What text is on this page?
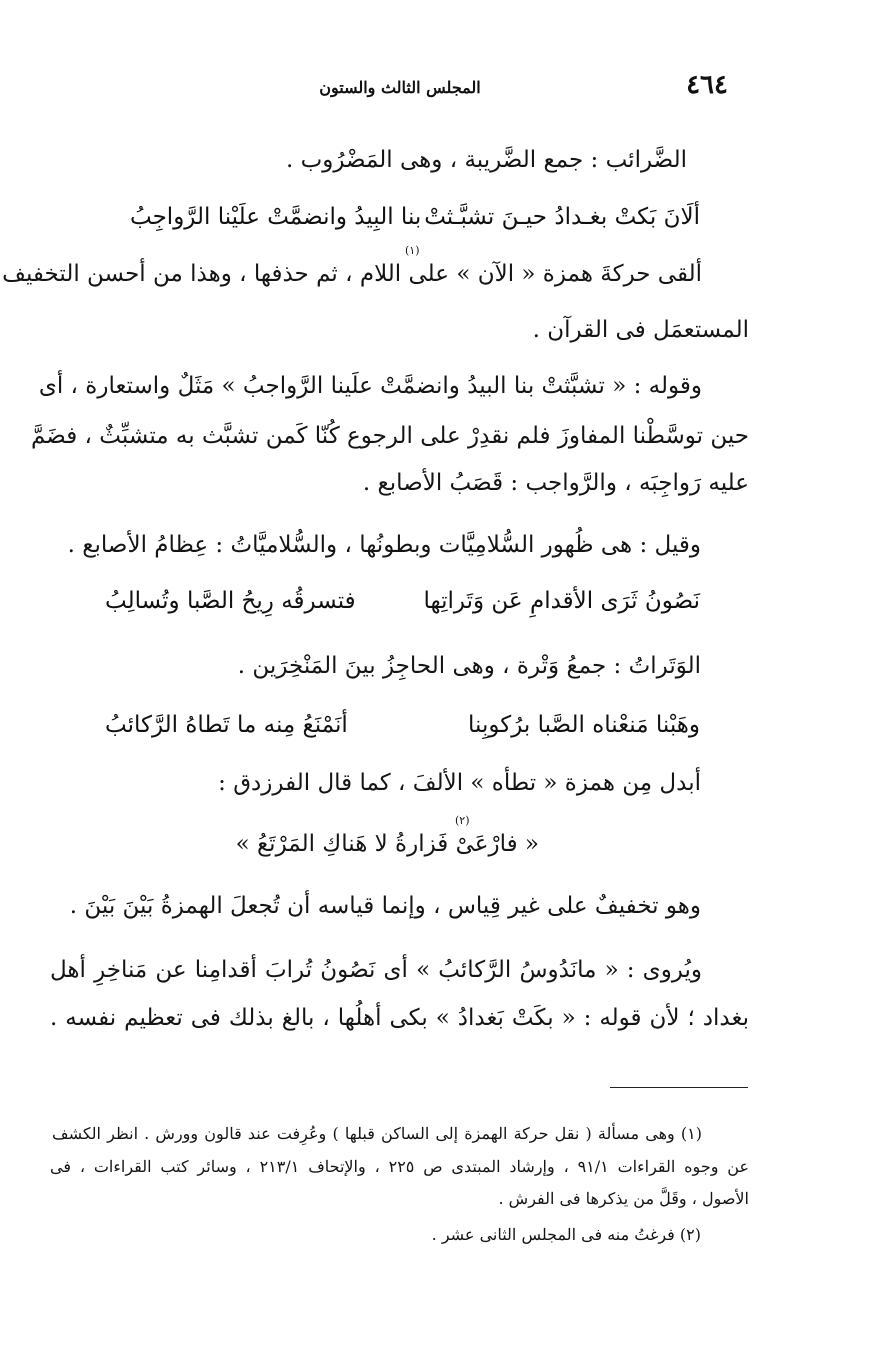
٤٦٤
المجلس الثالث والستون
الضَّرائب : جمع الضَّريبة ، وهى المَضْرُوب .
ألَانَ بَكتْ بغـدادُ حيـنَ تشبَّـثتْ
بنا البِيدُ وانضمَّتْ علَيْنا الرَّواجِبُ
ألقى حركةَ همزة « الآن » على اللام ، ثم حذفها ، وهذا من أحسن التخفيف
(١)
المستعمَل فى القرآن .
وقوله : « تشبَّثتْ بنا البيدُ وانضمَّتْ علَينا الرَّواجبُ » مَثَلٌ واستعارة ، أى
حين توسَّطْنا المفاوزَ فلم نقدِرْ على الرجوع كُنّا كَمن تشبَّث به متشبِّثٌ ، فضَمَّ
عليه رَواجِبَه ، والرَّواجب : قَصَبُ الأصابع .
وقيل : هى ظُهور السُّلامِيَّات وبطونُها ، والسُّلاميَّاتُ : عِظامُ الأصابع .
نَصُونُ ثَرَى الأقدامِ عَن وَتَراتِها
فتسرقُه رِيحُ الصَّبا وتُسالِبُ
الوَتَراتُ : جمعُ وَتْرة ، وهى الحاجِزُ بينَ المَنْخِرَين .
وهَبْنا مَنعْناه الصَّبا برُكوبِنا
أنَمْنَعُ مِنه ما تَطاهُ الرَّكائبُ
أبدل مِن همزة « تطأه » الألفَ ، كما قال الفرزدق :
« فارْعَىْ فَزارةُ لا هَناكِ المَرْتَعُ »
(٢)
وهو تخفيفٌ على غير قِياس ، وإنما قياسه أن تُجعلَ الهمزةُ بَيْنَ بَيْنَ .
ويُروى : « مانَدُوسُ الرَّكائبُ » أى نَصُونُ تُرابَ أقدامِنا عن مَناخِرِ أهل
بغداد ؛ لأن قوله : « بكَتْ بَغدادُ » بكى أهلُها ، بالغ بذلك فى تعظيم نفسه .
(١) وهى مسألة ( نقل حركة الهمزة إلى الساكن قبلها ) وعُرِفت عند قالون وورش . انظر الكشف
عن وجوه القراءات ٩١/١ ، وإرشاد المبتدى ص ٢٢٥ ، والإتحاف ٢١٣/١ ، وسائر كتب القراءات ، فى
الأصول ، وقَلَّ من يذكرها فى الفرش .
(٢) فرغتُ منه فى المجلس الثانى عشر .
